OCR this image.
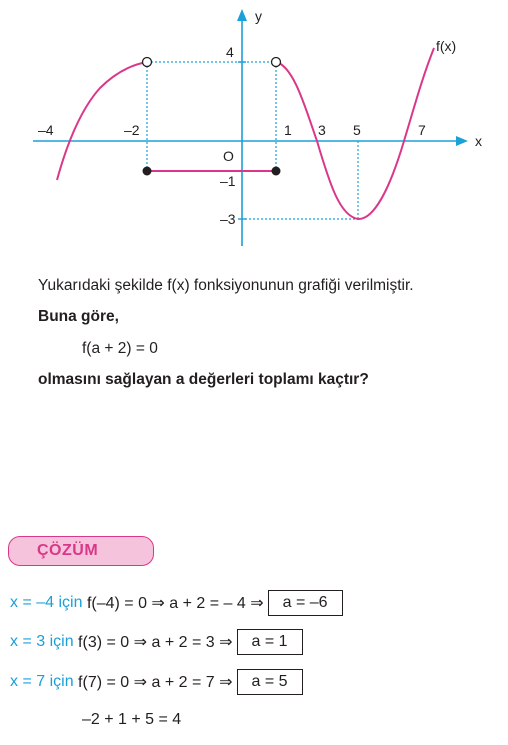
y
x
f(x)
O
4
–1
–3
–4	–2	1 3 5	7

Yukarıdaki şekilde f(x) fonksiyonunun grafiği verilmiştir.

Buna göre,

f(a + 2) = 0

olmasını sağlayan a değerleri toplamı kaçtır?

ÇÖZÜM
x = –4 için
f(–4) = 0 ⇒ a + 2 = – 4 ⇒	a = –6
x = 3 için
f(3) = 0 ⇒ a + 2 = 3 ⇒	a = 1
x = 7 için
f(7) = 0 ⇒ a + 2 = 7 ⇒	a = 5

–2 + 1 + 5 = 4
